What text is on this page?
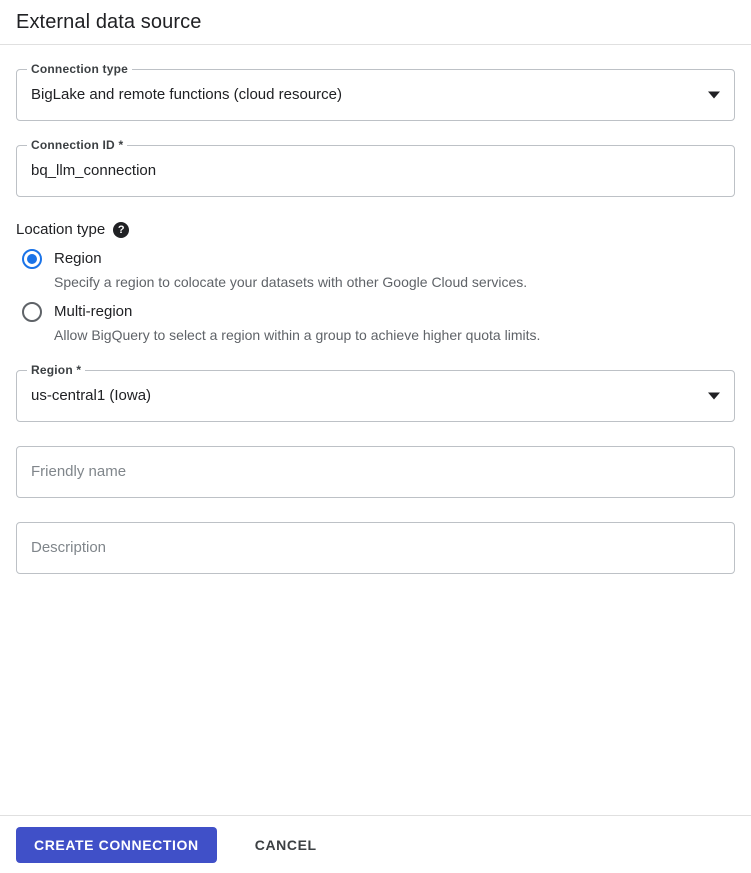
External data source
Connection type
BigLake and remote functions (cloud resource)
Connection ID *
bq_llm_connection
Location type	?
Region
Specify a region to colocate your datasets with other Google Cloud services.
Multi-region
Allow BigQuery to select a region within a group to achieve higher quota limits.
Region *
us-central1 (Iowa)
Friendly name
Description
CREATE CONNECTION	CANCEL
